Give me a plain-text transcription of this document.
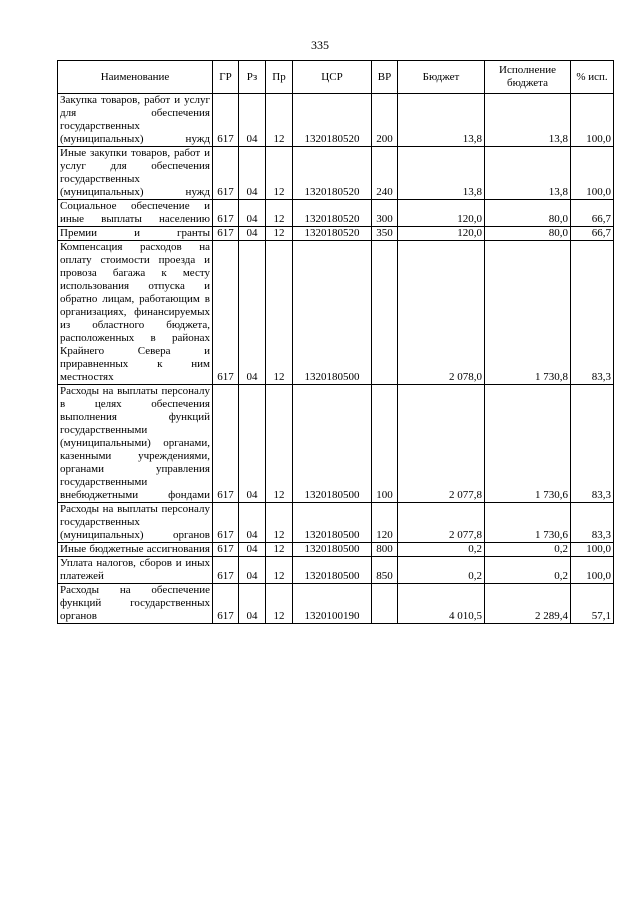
335
Наименование	ГР	Рз	Пр	ЦСР	ВР	Бюджет	Исполнение бюджета	% исп.

Закупка товаров, работ и услуг для обеспечения государственных (муниципальных) нужд	617	04	12	1320180520	200	13,8	13,8	100,0

Иные закупки товаров, работ и услуг для обеспечения государственных (муниципальных) нужд	617	04	12	1320180520	240	13,8	13,8	100,0

Социальное обеспечение и иные выплаты населению	617	04	12	1320180520	300	120,0	80,0	66,7

Премии и гранты	617	04	12	1320180520	350	120,0	80,0	66,7

Компенсация расходов на оплату стоимости проезда и провоза багажа к месту использования отпуска и обратно лицам, работающим в организациях, финансируемых из областного бюджета, расположенных в районах Крайнего Севера и приравненных к ним местностях	617	04	12	1320180500		2 078,0	1 730,8	83,3

Расходы на выплаты персоналу в целях обеспечения выполнения функций государственными (муниципальными) органами, казенными учреждениями, органами управления государственными внебюджетными фондами	617	04	12	1320180500	100	2 077,8	1 730,6	83,3

Расходы на выплаты персоналу государственных (муниципальных) органов	617	04	12	1320180500	120	2 077,8	1 730,6	83,3

Иные бюджетные ассигнования	617	04	12	1320180500	800	0,2	0,2	100,0

Уплата налогов, сборов и иных платежей	617	04	12	1320180500	850	0,2	0,2	100,0

Расходы на обеспечение функций государственных органов	617	04	12	1320100190		4 010,5	2 289,4	57,1
